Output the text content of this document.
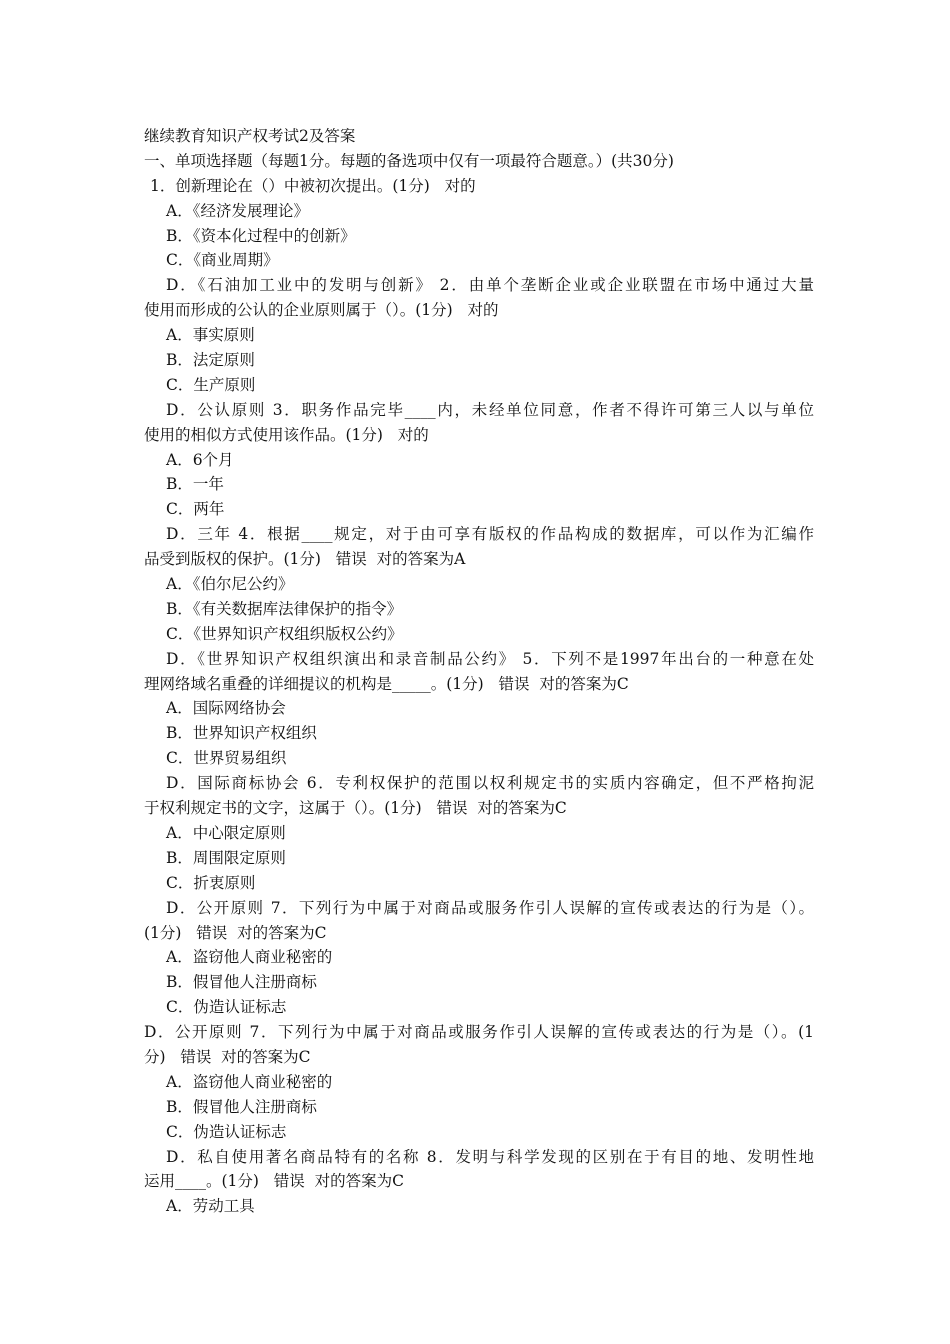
继续教育知识产权考试2及答案
一、单项选择题（每题1分。每题的备选项中仅有一项最符合题意。）(共30分)
1．创新理论在（）中被初次提出。(1分)   对的
A．《经济发展理论》
B．《资本化过程中的创新》
C．《商业周期》
D．《石油加工业中的发明与创新》 2．由单个垄断企业或企业联盟在市场中通过大量
使用而形成的公认的企业原则属于（）。(1分)   对的
A．事实原则
B．法定原则
C．生产原则
D．公认原则 3．职务作品完毕____内，未经单位同意，作者不得许可第三人以与单位
使用的相似方式使用该作品。(1分)   对的
A．6个月
B．一年
C．两年
D．三年 4．根据____规定，对于由可享有版权的作品构成的数据库，可以作为汇编作
品受到版权的保护。(1分)   错误  对的答案为A
A．《伯尔尼公约》
B．《有关数据库法律保护的指令》
C．《世界知识产权组织版权公约》
D．《世界知识产权组织演出和录音制品公约》 5．下列不是1997年出台的一种意在处
理网络域名重叠的详细提议的机构是_____。(1分)   错误  对的答案为C
A．国际网络协会
B．世界知识产权组织
C．世界贸易组织
D．国际商标协会 6．专利权保护的范围以权利规定书的实质内容确定，但不严格拘泥
于权利规定书的文字，这属于（）。(1分)   错误  对的答案为C
A．中心限定原则
B．周围限定原则
C．折衷原则
D．公开原则 7．下列行为中属于对商品或服务作引人误解的宣传或表达的行为是（）。
(1分)   错误  对的答案为C
A．盗窃他人商业秘密的
B．假冒他人注册商标
C．伪造认证标志
D．公开原则 7．下列行为中属于对商品或服务作引人误解的宣传或表达的行为是（）。(1
分)   错误  对的答案为C
A．盗窃他人商业秘密的
B．假冒他人注册商标
C．伪造认证标志
D．私自使用著名商品特有的名称 8．发明与科学发现的区别在于有目的地、发明性地
运用____。(1分)   错误  对的答案为C
A．劳动工具
